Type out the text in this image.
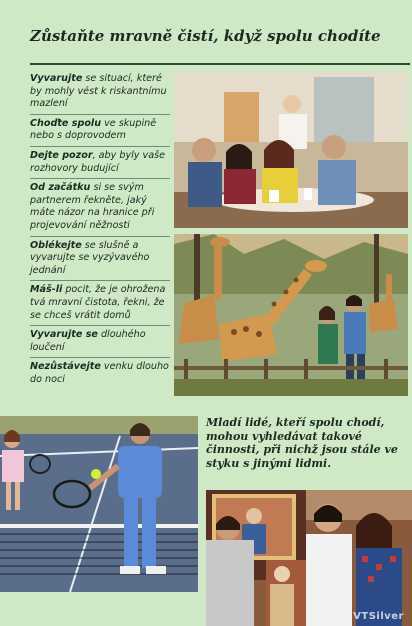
Zůstaňte mravně čistí, když spolu chodíte
Vyvarujte se situací, které by mohly vést k riskantnímu mazlení
Choďte spolu ve skupině nebo s doprovodem
Dejte pozor, aby byly vaše rozhovory budující
Od začátku si se svým partnerem řekněte, jaký máte názor na hranice při projevování něžnosti
Oblékejte se slušně a vyvarujte se vyzývavého jednání
Máš-li pocit, že je ohrožena tvá mravní čistota, řekni, že se chceš vrátit domů
Vyvarujte se dlouhého loučení
Nezůstávejte venku dlouho do noci
Mladí lidé, kteří spolu chodí, mohou vyhledávat takové činnosti, při nichž jsou stále ve styku s jinými lidmi.
VTSilver
